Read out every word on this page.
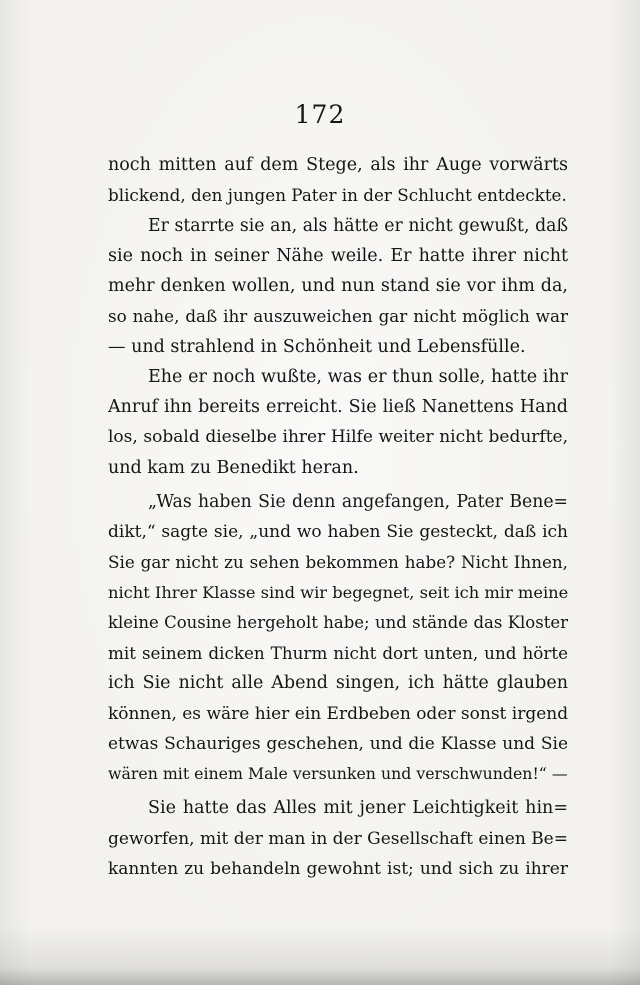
172
noch mitten auf dem Stege, als ihr Auge vorwärts
blickend, den jungen Pater in der Schlucht entdeckte.
Er starrte sie an, als hätte er nicht gewußt, daß
sie noch in seiner Nähe weile. Er hatte ihrer nicht
mehr denken wollen, und nun stand sie vor ihm da,
so nahe, daß ihr auszuweichen gar nicht möglich war
— und strahlend in Schönheit und Lebensfülle.
Ehe er noch wußte, was er thun solle, hatte ihr
Anruf ihn bereits erreicht. Sie ließ Nanettens Hand
los, sobald dieselbe ihrer Hilfe weiter nicht bedurfte,
und kam zu Benedikt heran.
„Was haben Sie denn angefangen, Pater Bene=
dikt,“ sagte sie, „und wo haben Sie gesteckt, daß ich
Sie gar nicht zu sehen bekommen habe? Nicht Ihnen,
nicht Ihrer Klasse sind wir begegnet, seit ich mir meine
kleine Cousine hergeholt habe; und stände das Kloster
mit seinem dicken Thurm nicht dort unten, und hörte
ich Sie nicht alle Abend singen, ich hätte glauben
können, es wäre hier ein Erdbeben oder sonst irgend
etwas Schauriges geschehen, und die Klasse und Sie
wären mit einem Male versunken und verschwunden!“ —
Sie hatte das Alles mit jener Leichtigkeit hin=
geworfen, mit der man in der Gesellschaft einen Be=
kannten zu behandeln gewohnt ist; und sich zu ihrer
